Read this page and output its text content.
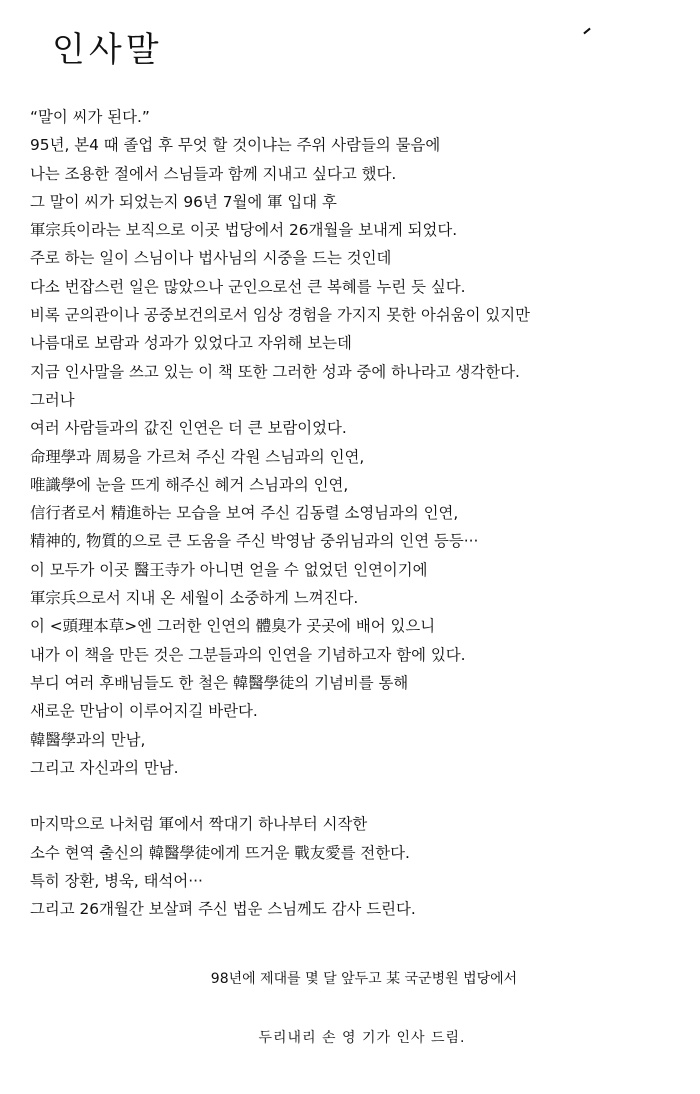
인사말
“말이 씨가 된다.”
95년, 본4 때 졸업 후 무엇 할 것이냐는 주위 사람들의 물음에
나는 조용한 절에서 스님들과 함께 지내고 싶다고 했다.
그 말이 씨가 되었는지 96년 7월에 軍 입대 후
軍宗兵이라는 보직으로 이곳 법당에서 26개월을 보내게 되었다.
주로 하는 일이 스님이나 법사님의 시중을 드는 것인데
다소 번잡스런 일은 많았으나 군인으로선 큰 복혜를 누린 듯 싶다.
비록 군의관이나 공중보건의로서 임상 경험을 가지지 못한 아쉬움이 있지만
나름대로 보람과 성과가 있었다고 자위해 보는데
지금 인사말을 쓰고 있는 이 책 또한 그러한 성과 중에 하나라고 생각한다.
그러나
여러 사람들과의 값진 인연은 더 큰 보람이었다.
命理學과 周易을 가르쳐 주신 각원 스님과의 인연,
唯識學에 눈을 뜨게 해주신 혜거 스님과의 인연,
信行者로서 精進하는 모습을 보여 주신 김동렬 소영님과의 인연,
精神的, 物質的으로 큰 도움을 주신 박영남 중위님과의 인연 등등···
이 모두가 이곳 醫王寺가 아니면 얻을 수 없었던 인연이기에
軍宗兵으로서 지내 온 세월이 소중하게 느껴진다.
이 <頭理本草>엔 그러한 인연의 體臭가 곳곳에 배어 있으니
내가 이 책을 만든 것은 그분들과의 인연을 기념하고자 함에 있다.
부디 여러 후배님들도 한 철은 韓醫學徒의 기념비를 통해
새로운 만남이 이루어지길 바란다.
韓醫學과의 만남,
그리고 자신과의 만남.
마지막으로 나처럼 軍에서 짝대기 하나부터 시작한
소수 현역 출신의 韓醫學徒에게 뜨거운 戰友愛를 전한다.
특히 장환, 병욱, 태석어···
그리고 26개월간 보살펴 주신 법운 스님께도 감사 드린다.
98년에 제대를 몇 달 앞두고 某 국군병원 법당에서
두리내리 손 영 기가 인사 드림.
